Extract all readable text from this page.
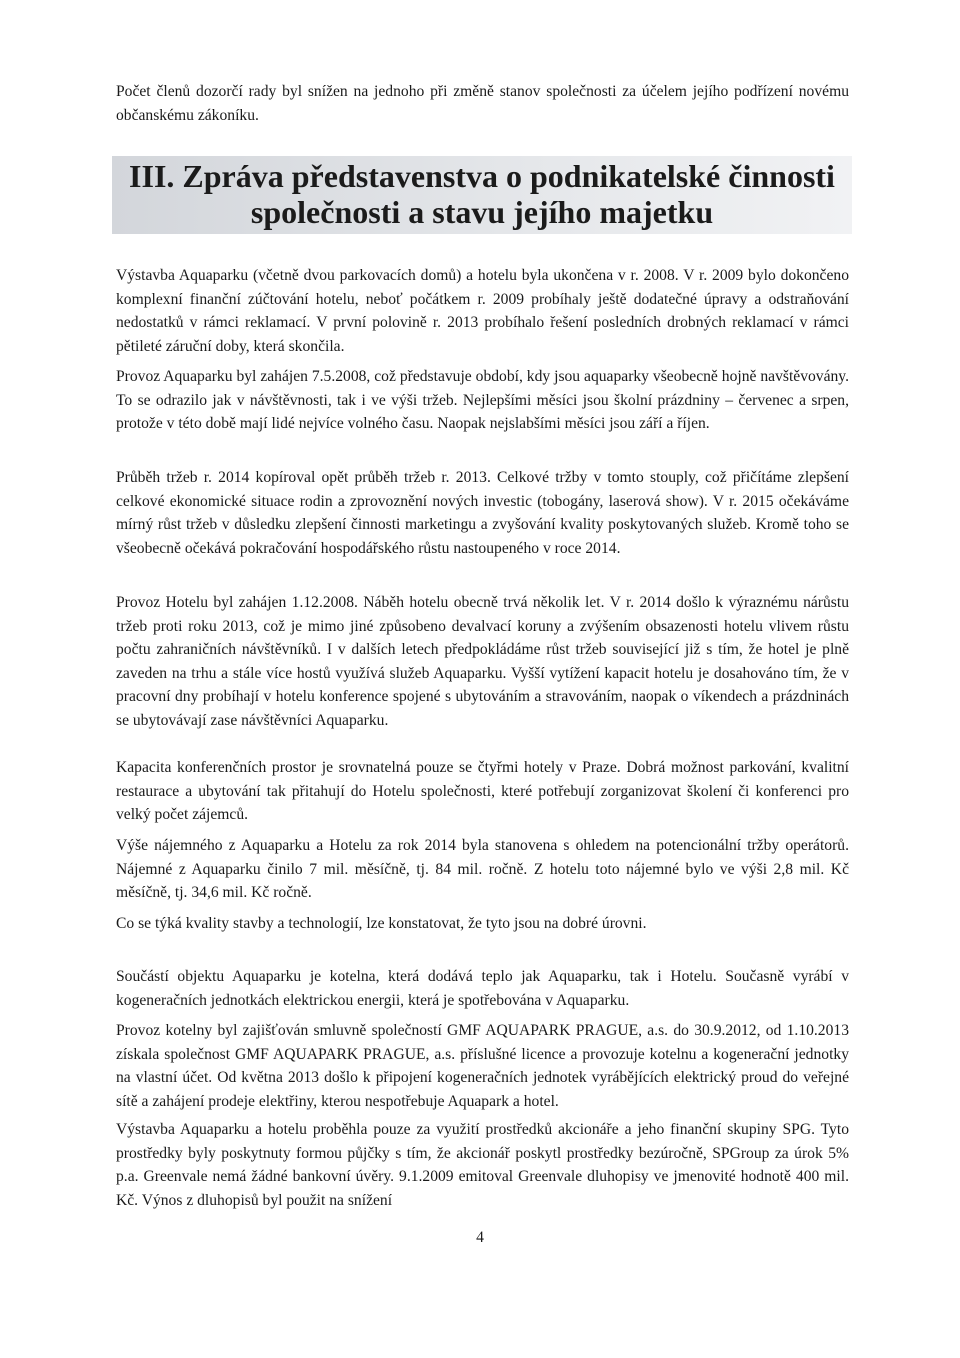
Počet členů dozorčí rady byl snížen na jednoho při změně stanov společnosti za účelem jejího podřízení novému občanskému zákoníku.

III. Zpráva představenstva o podnikatelské činnosti
společnosti a stavu jejího majetku

Výstavba Aquaparku (včetně dvou parkovacích domů) a hotelu byla ukončena v r. 2008. V r. 2009 bylo dokončeno komplexní finanční zúčtování hotelu, neboť počátkem r. 2009 probíhaly ještě dodatečné úpravy a odstraňování nedostatků v rámci reklamací. V první polovině r. 2013 probíhalo řešení posledních drobných reklamací v rámci pětileté záruční doby, která skončila.

Provoz Aquaparku byl zahájen 7.5.2008, což představuje období, kdy jsou aquaparky všeobecně hojně navštěvovány. To se odrazilo jak v návštěvnosti, tak i ve výši tržeb. Nejlepšími měsíci jsou školní prázdniny – červenec a srpen, protože v této době mají lidé nejvíce volného času. Naopak nejslabšími měsíci jsou září a říjen.

Průběh tržeb r. 2014 kopíroval opět průběh tržeb r. 2013. Celkové tržby v tomto stouply, což přičítáme zlepšení celkové ekonomické situace rodin a zprovoznění nových investic (tobogány, laserová show). V r. 2015 očekáváme mírný růst tržeb v důsledku zlepšení činnosti marketingu a zvyšování kvality poskytovaných služeb. Kromě toho se všeobecně očekává pokračování hospodářského růstu nastoupeného v roce 2014.

Provoz Hotelu byl zahájen 1.12.2008. Náběh hotelu obecně trvá několik let. V r. 2014 došlo k výraznému nárůstu tržeb proti roku 2013, což je mimo jiné způsobeno devalvací koruny a zvýšením obsazenosti hotelu vlivem růstu počtu zahraničních návštěvníků. I v dalších letech předpokládáme růst tržeb související již s tím, že hotel je plně zaveden na trhu a stále více hostů využívá služeb Aquaparku. Vyšší vytížení kapacit hotelu je dosahováno tím, že v pracovní dny probíhají v hotelu konference spojené s ubytováním a stravováním, naopak o víkendech a prázdninách se ubytovávají zase návštěvníci Aquaparku.

Kapacita konferenčních prostor je srovnatelná pouze se čtyřmi hotely v Praze. Dobrá možnost parkování, kvalitní restaurace a ubytování tak přitahují do Hotelu společnosti, které potřebují zorganizovat školení či konferenci pro velký počet zájemců.

Výše nájemného z Aquaparku a Hotelu za rok 2014 byla stanovena s ohledem na potencionální tržby operátorů. Nájemné z Aquaparku činilo 7 mil. měsíčně, tj. 84 mil. ročně. Z hotelu toto nájemné bylo ve výši 2,8 mil. Kč měsíčně, tj. 34,6 mil. Kč ročně.

Co se týká kvality stavby a technologií, lze konstatovat, že tyto jsou na dobré úrovni.

Součástí objektu Aquaparku je kotelna, která dodává teplo jak Aquaparku, tak i Hotelu. Současně vyrábí v kogeneračních jednotkách elektrickou energii, která je spotřebována v Aquaparku.

Provoz kotelny byl zajišťován smluvně společností GMF AQUAPARK PRAGUE, a.s. do 30.9.2012, od 1.10.2013 získala společnost GMF AQUAPARK PRAGUE, a.s. příslušné licence a provozuje kotelnu a kogenerační jednotky na vlastní účet. Od května 2013 došlo k připojení kogeneračních jednotek vyrábějících elektrický proud do veřejné sítě a zahájení prodeje elektřiny, kterou nespotřebuje Aquapark a hotel.

Výstavba Aquaparku a hotelu proběhla pouze za využití prostředků akcionáře a jeho finanční skupiny SPG. Tyto prostředky byly poskytnuty formou půjčky s tím, že akcionář poskytl prostředky bezúročně, SPGroup za úrok 5% p.a. Greenvale nemá žádné bankovní úvěry. 9.1.2009 emitoval Greenvale dluhopisy ve jmenovité hodnotě 400 mil. Kč. Výnos z dluhopisů byl použit na snížení

4
